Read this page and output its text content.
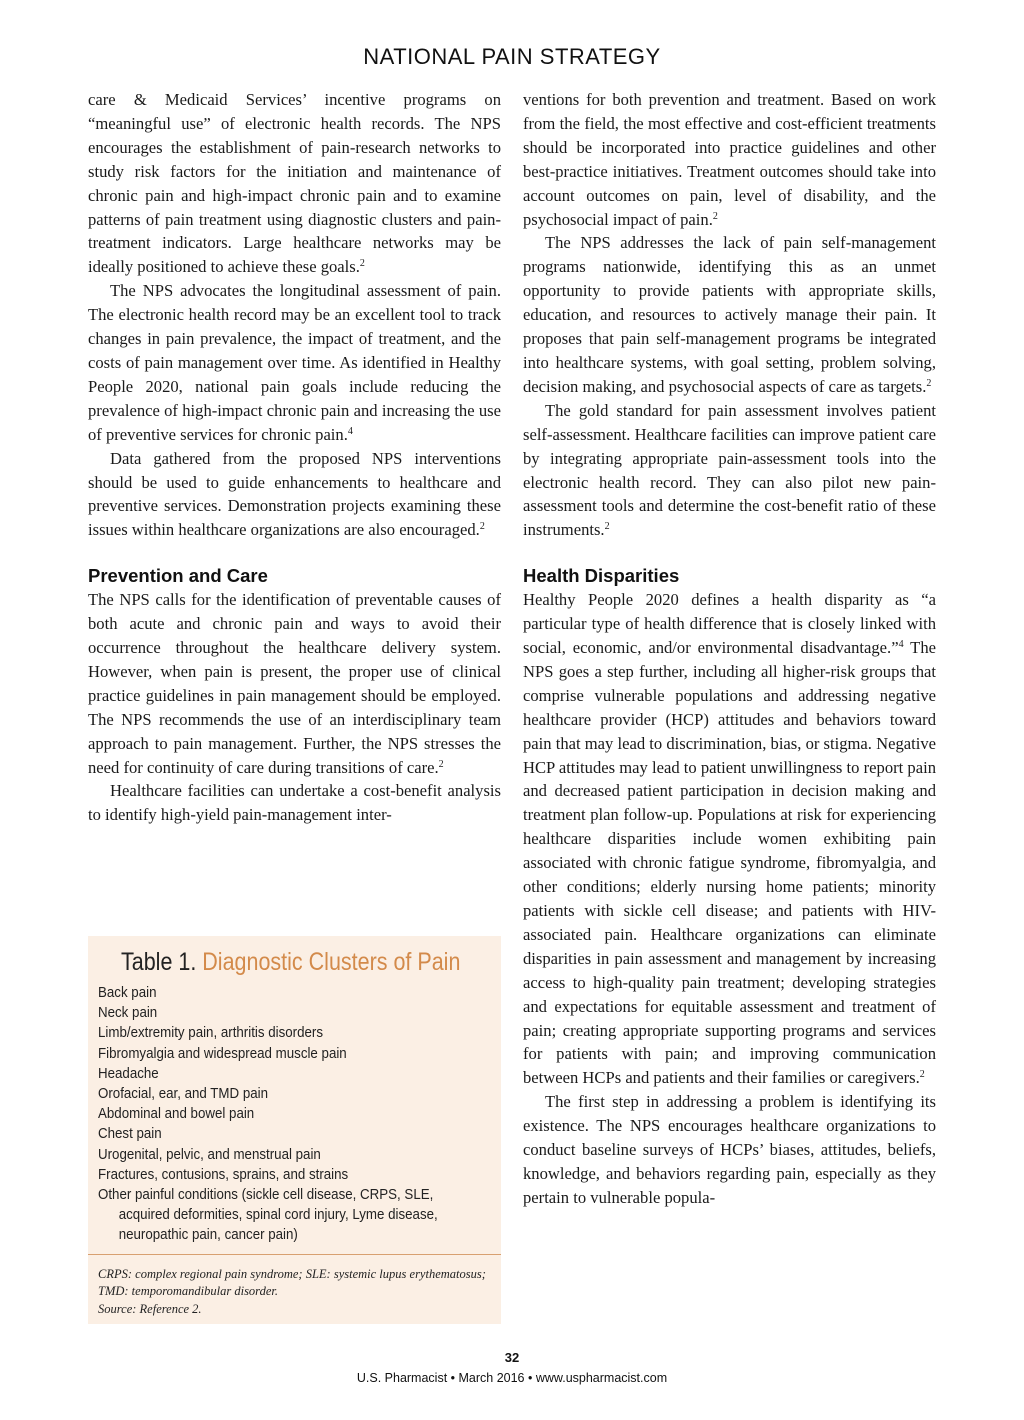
NATIONAL PAIN STRATEGY

care & Medicaid Services’ incentive programs on “meaningful use” of electronic health records. The NPS encourages the establishment of pain-research networks to study risk factors for the initiation and maintenance of chronic pain and high-impact chronic pain and to examine patterns of pain treatment using diagnostic clusters and pain-treatment indicators. Large healthcare networks may be ideally positioned to achieve these goals.$^2$

The NPS advocates the longitudinal assessment of pain. The electronic health record may be an excellent tool to track changes in pain prevalence, the impact of treatment, and the costs of pain management over time. As identified in Healthy People 2020, national pain goals include reducing the prevalence of high-impact chronic pain and increasing the use of preventive services for chronic pain.$^4$

Data gathered from the proposed NPS interventions should be used to guide enhancements to healthcare and preventive services. Demonstration projects examining these issues within healthcare organizations are also encouraged.$^2$

Prevention and Care

The NPS calls for the identification of preventable causes of both acute and chronic pain and ways to avoid their occurrence throughout the healthcare delivery system. However, when pain is present, the proper use of clinical practice guidelines in pain management should be employed. The NPS recommends the use of an interdisciplinary team approach to pain management. Further, the NPS stresses the need for continuity of care during transitions of care.$^2$

Healthcare facilities can undertake a cost-benefit analysis to identify high-yield pain-management inter-

Table 1. Diagnostic Clusters of Pain
Back pain
Neck pain
Limb/extremity pain, arthritis disorders
Fibromyalgia and widespread muscle pain
Headache
Orofacial, ear, and TMD pain
Abdominal and bowel pain
Chest pain
Urogenital, pelvic, and menstrual pain
Fractures, contusions, sprains, and strains
Other painful conditions (sickle cell disease, CRPS, SLE,
acquired deformities, spinal cord injury, Lyme disease,
neuropathic pain, cancer pain)
CRPS: complex regional pain syndrome; SLE: systemic lupus erythematosus; TMD: temporomandibular disorder.
Source: Reference 2.

ventions for both prevention and treatment. Based on work from the field, the most effective and cost-efficient treatments should be incorporated into practice guidelines and other best-practice initiatives. Treatment outcomes should take into account outcomes on pain, level of disability, and the psychosocial impact of pain.$^2$

The NPS addresses the lack of pain self-management programs nationwide, identifying this as an unmet opportunity to provide patients with appropriate skills, education, and resources to actively manage their pain. It proposes that pain self-management programs be integrated into healthcare systems, with goal setting, problem solving, decision making, and psychosocial aspects of care as targets.$^2$

The gold standard for pain assessment involves patient self-assessment. Healthcare facilities can improve patient care by integrating appropriate pain-assessment tools into the electronic health record. They can also pilot new pain-assessment tools and determine the cost-benefit ratio of these instruments.$^2$

Health Disparities

Healthy People 2020 defines a health disparity as “a particular type of health difference that is closely linked with social, economic, and/or environmental disadvantage.”$^4$ The NPS goes a step further, including all higher-risk groups that comprise vulnerable populations and addressing negative healthcare provider (HCP) attitudes and behaviors toward pain that may lead to discrimination, bias, or stigma. Negative HCP attitudes may lead to patient unwillingness to report pain and decreased patient participation in decision making and treatment plan follow-up. Populations at risk for experiencing healthcare disparities include women exhibiting pain associated with chronic fatigue syndrome, fibromyalgia, and other conditions; elderly nursing home patients; minority patients with sickle cell disease; and patients with HIV-associated pain. Healthcare organizations can eliminate disparities in pain assessment and management by increasing access to high-quality pain treatment; developing strategies and expectations for equitable assessment and treatment of pain; creating appropriate supporting programs and services for patients with pain; and improving communication between HCPs and patients and their families or caregivers.$^2$

The first step in addressing a problem is identifying its existence. The NPS encourages healthcare organizations to conduct baseline surveys of HCPs’ biases, attitudes, beliefs, knowledge, and behaviors regarding pain, especially as they pertain to vulnerable popula-

32
U.S. Pharmacist • March 2016 • www.uspharmacist.com
